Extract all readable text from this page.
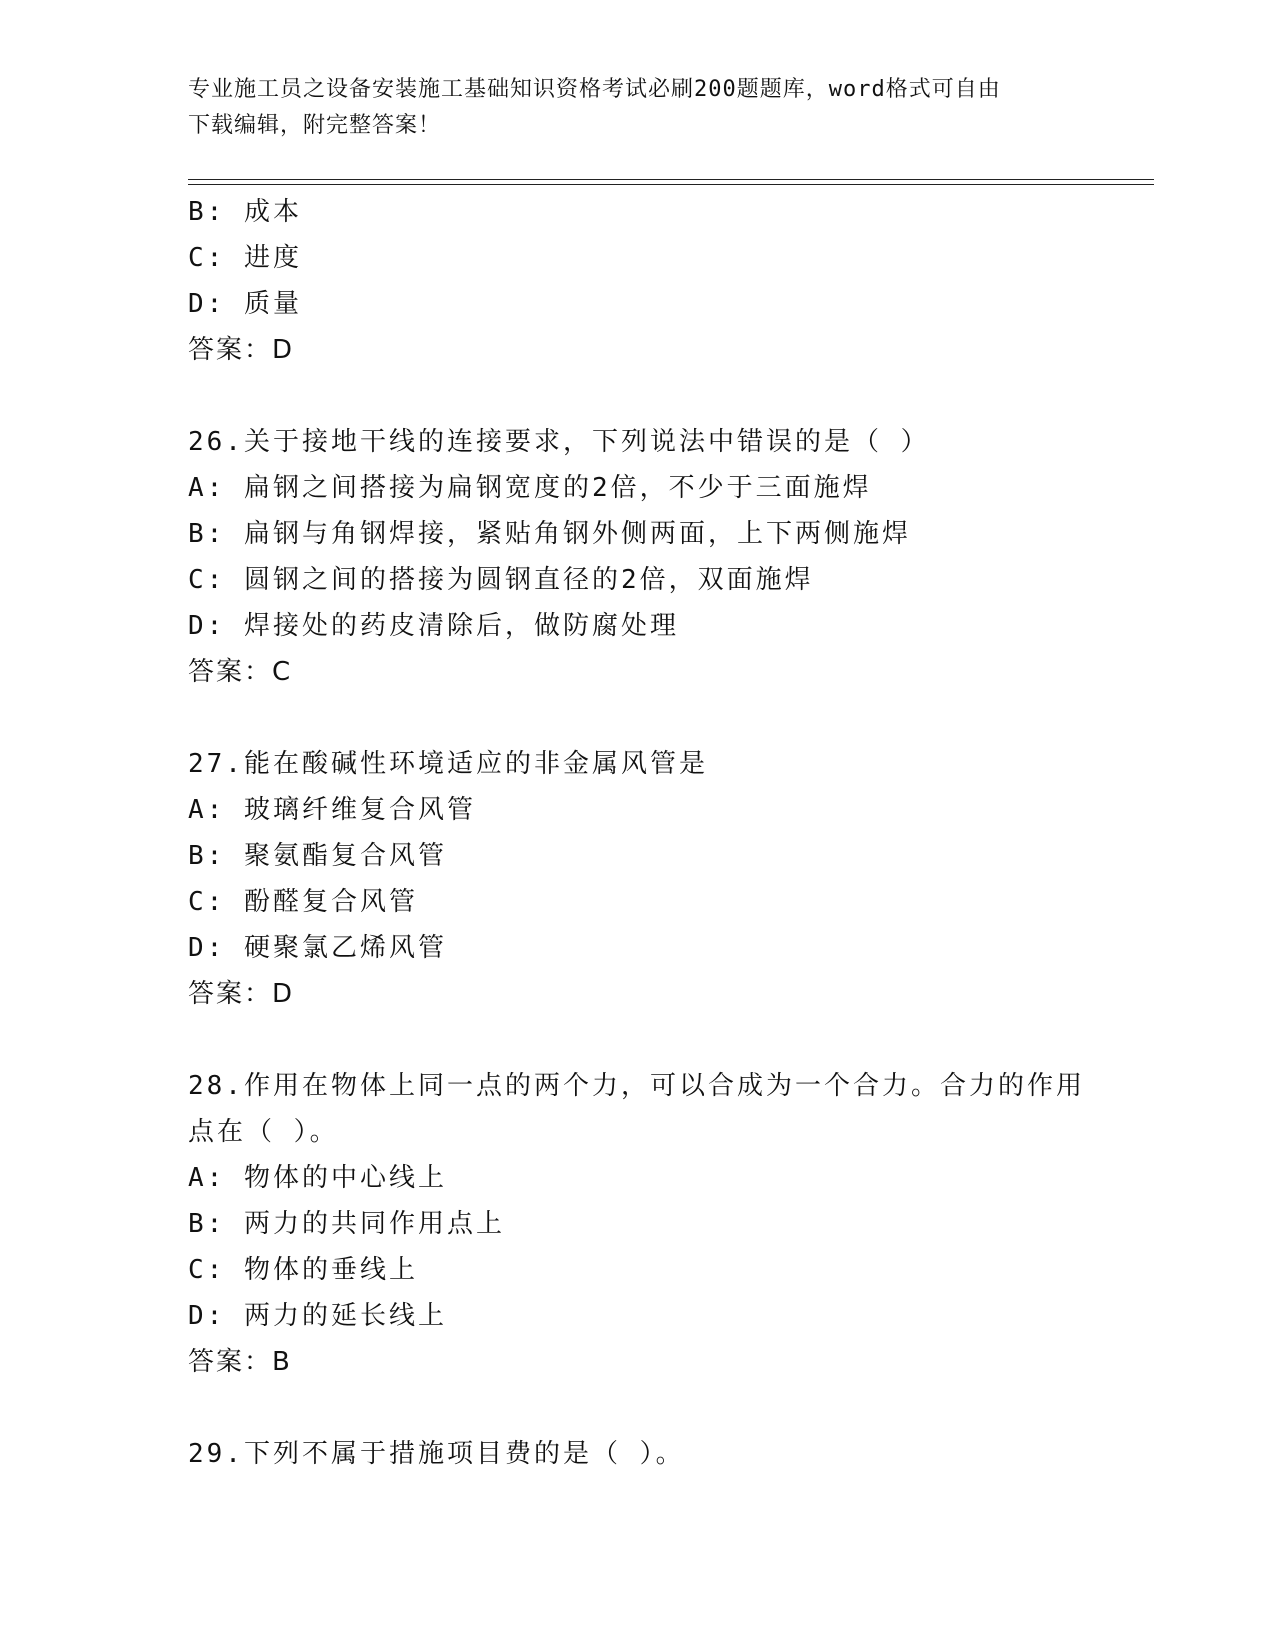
专业施工员之设备安装施工基础知识资格考试必刷200题题库，word格式可自由
下载编辑，附完整答案！
B: 成本
C: 进度
D: 质量
答案：D
26.关于接地干线的连接要求，下列说法中错误的是（ ）
A: 扁钢之间搭接为扁钢宽度的2倍，不少于三面施焊
B: 扁钢与角钢焊接，紧贴角钢外侧两面，上下两侧施焊
C: 圆钢之间的搭接为圆钢直径的2倍，双面施焊
D: 焊接处的药皮清除后，做防腐处理
答案：C
27.能在酸碱性环境适应的非金属风管是
A: 玻璃纤维复合风管
B: 聚氨酯复合风管
C: 酚醛复合风管
D: 硬聚氯乙烯风管
答案：D
28.作用在物体上同一点的两个力，可以合成为一个合力。合力的作用
点在（ ）。
A: 物体的中心线上
B: 两力的共同作用点上
C: 物体的垂线上
D: 两力的延长线上
答案：B
29.下列不属于措施项目费的是（ ）。
